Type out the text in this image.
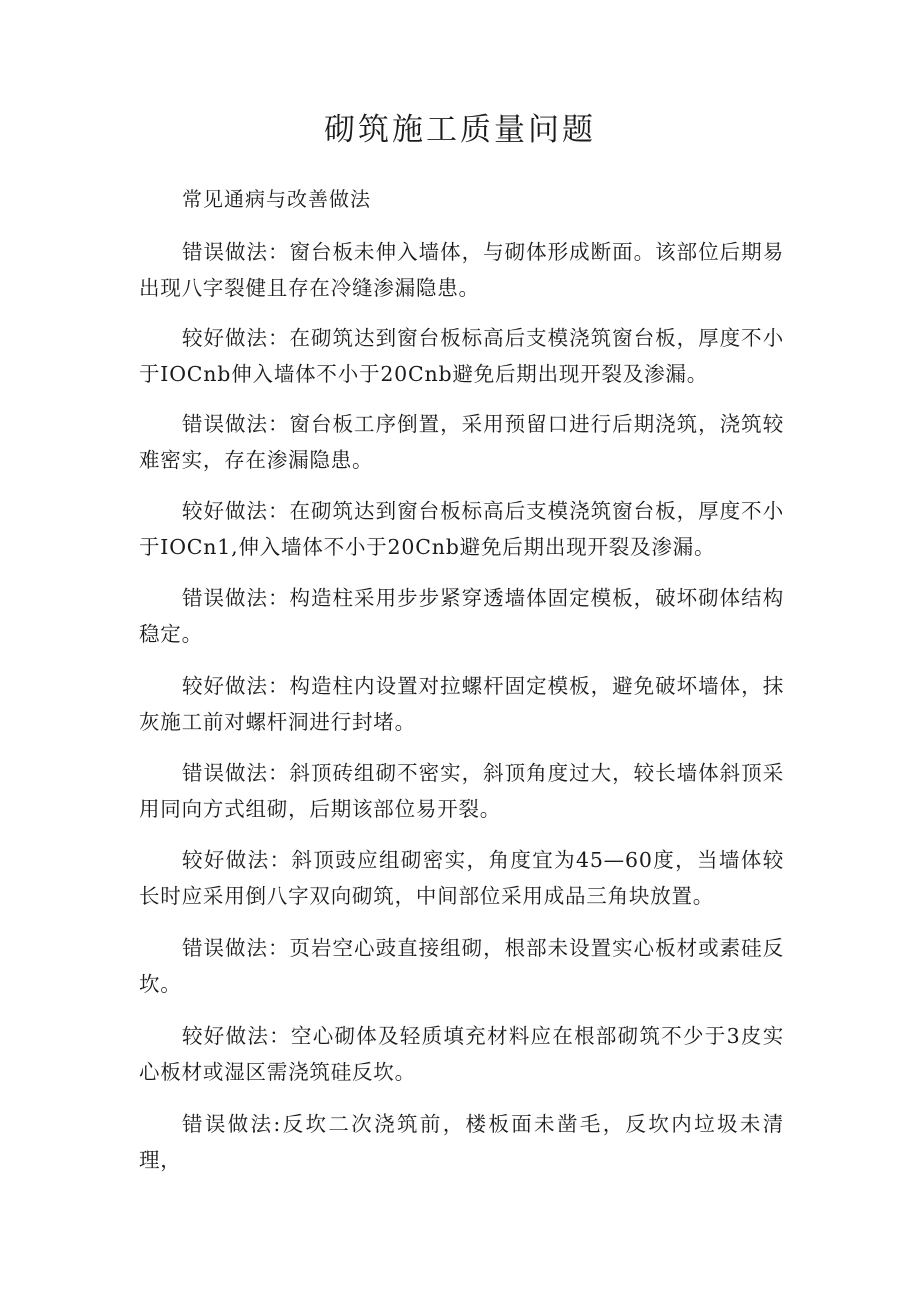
砌筑施工质量问题

常见通病与改善做法

错误做法：窗台板未伸入墙体，与砌体形成断面。该部位后期易出现八字裂健且存在冷缝渗漏隐患。

较好做法：在砌筑达到窗台板标高后支模浇筑窗台板，厚度不小于IOCnb伸入墙体不小于20Cnb避免后期出现开裂及渗漏。

错误做法：窗台板工序倒置，采用预留口进行后期浇筑，浇筑较难密实，存在渗漏隐患。

较好做法：在砌筑达到窗台板标高后支模浇筑窗台板，厚度不小于IOCn1,伸入墙体不小于20Cnb避免后期出现开裂及渗漏。

错误做法：构造柱采用步步紧穿透墙体固定模板，破坏砌体结构稳定。

较好做法：构造柱内设置对拉螺杆固定模板，避免破坏墙体，抹灰施工前对螺杆洞进行封堵。

错误做法：斜顶砖组砌不密实，斜顶角度过大，较长墙体斜顶采用同向方式组砌，后期该部位易开裂。

较好做法：斜顶豉应组砌密实，角度宜为45—60度，当墙体较长时应采用倒八字双向砌筑，中间部位采用成品三角块放置。

错误做法：页岩空心豉直接组砌，根部未设置实心板材或素硅反坎。

较好做法：空心砌体及轻质填充材料应在根部砌筑不少于3皮实心板材或湿区需浇筑硅反坎。

错误做法:反坎二次浇筑前，楼板面未凿毛，反坎内垃圾未清理，
